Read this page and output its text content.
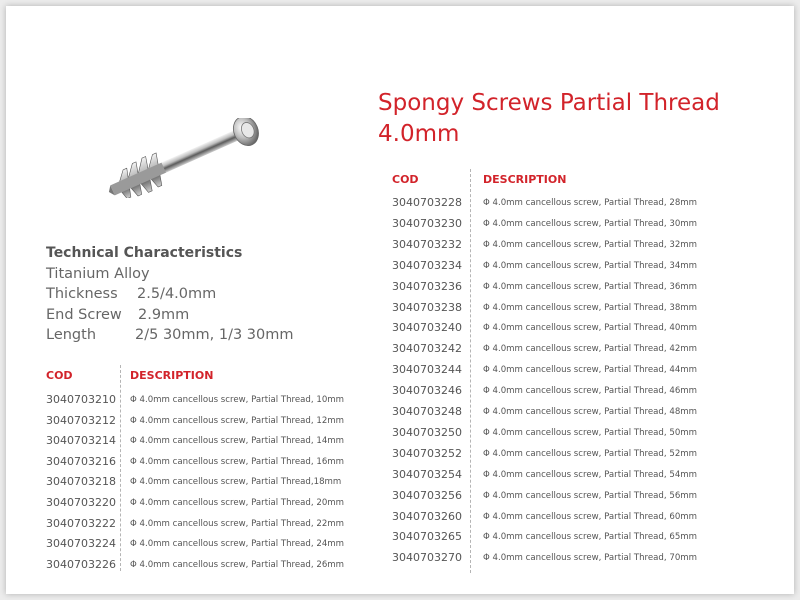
Spongy Screws Partial Thread 4.0mm
Technical Characteristics
Titanium Alloy
Thickness	2.5/4.0mm
End Screw	2.9mm
Length	2/5 30mm, 1/3 30mm
COD	DESCRIPTION
3040703210 Φ 4.0mm cancellous screw, Partial Thread, 10mm
3040703212 Φ 4.0mm cancellous screw, Partial Thread, 12mm
3040703214 Φ 4.0mm cancellous screw, Partial Thread, 14mm
3040703216 Φ 4.0mm cancellous screw, Partial Thread, 16mm
3040703218 Φ 4.0mm cancellous screw, Partial Thread,18mm
3040703220 Φ 4.0mm cancellous screw, Partial Thread, 20mm
3040703222 Φ 4.0mm cancellous screw, Partial Thread, 22mm
3040703224 Φ 4.0mm cancellous screw, Partial Thread, 24mm
3040703226 Φ 4.0mm cancellous screw, Partial Thread, 26mm
COD	DESCRIPTION
3040703228 Φ 4.0mm cancellous screw, Partial Thread, 28mm
3040703230 Φ 4.0mm cancellous screw, Partial Thread, 30mm
3040703232 Φ 4.0mm cancellous screw, Partial Thread, 32mm
3040703234 Φ 4.0mm cancellous screw, Partial Thread, 34mm
3040703236 Φ 4.0mm cancellous screw, Partial Thread, 36mm
3040703238 Φ 4.0mm cancellous screw, Partial Thread, 38mm
3040703240 Φ 4.0mm cancellous screw, Partial Thread, 40mm
3040703242 Φ 4.0mm cancellous screw, Partial Thread, 42mm
3040703244 Φ 4.0mm cancellous screw, Partial Thread, 44mm
3040703246 Φ 4.0mm cancellous screw, Partial Thread, 46mm
3040703248 Φ 4.0mm cancellous screw, Partial Thread, 48mm
3040703250 Φ 4.0mm cancellous screw, Partial Thread, 50mm
3040703252 Φ 4.0mm cancellous screw, Partial Thread, 52mm
3040703254 Φ 4.0mm cancellous screw, Partial Thread, 54mm
3040703256 Φ 4.0mm cancellous screw, Partial Thread, 56mm
3040703260 Φ 4.0mm cancellous screw, Partial Thread, 60mm
3040703265 Φ 4.0mm cancellous screw, Partial Thread, 65mm
3040703270 Φ 4.0mm cancellous screw, Partial Thread, 70mm
